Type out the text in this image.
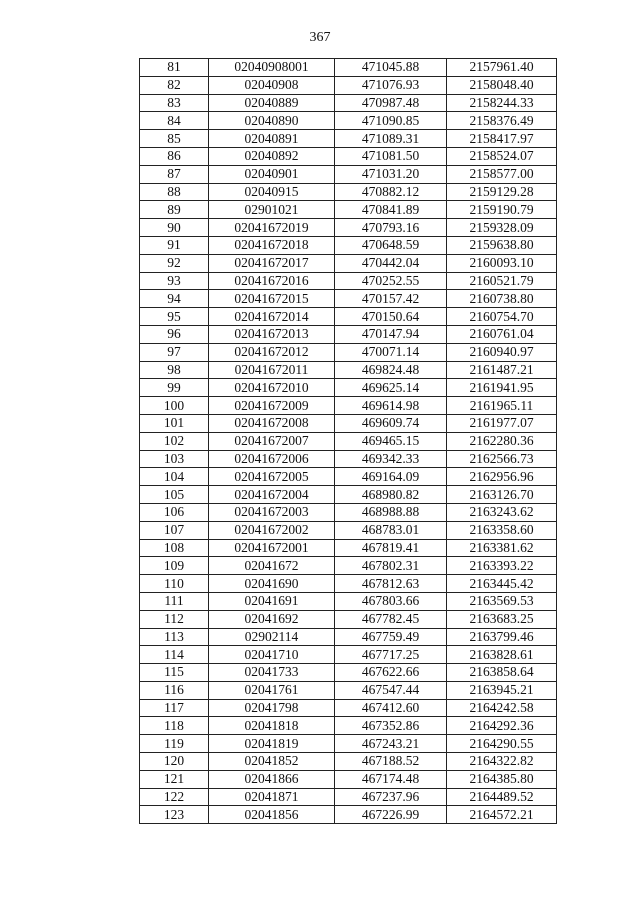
367
81	02040908001	471045.88	2157961.40
82	02040908	471076.93	2158048.40
83	02040889	470987.48	2158244.33
84	02040890	471090.85	2158376.49
85	02040891	471089.31	2158417.97
86	02040892	471081.50	2158524.07
87	02040901	471031.20	2158577.00
88	02040915	470882.12	2159129.28
89	02901021	470841.89	2159190.79
90	02041672019	470793.16	2159328.09
91	02041672018	470648.59	2159638.80
92	02041672017	470442.04	2160093.10
93	02041672016	470252.55	2160521.79
94	02041672015	470157.42	2160738.80
95	02041672014	470150.64	2160754.70
96	02041672013	470147.94	2160761.04
97	02041672012	470071.14	2160940.97
98	02041672011	469824.48	2161487.21
99	02041672010	469625.14	2161941.95
100	02041672009	469614.98	2161965.11
101	02041672008	469609.74	2161977.07
102	02041672007	469465.15	2162280.36
103	02041672006	469342.33	2162566.73
104	02041672005	469164.09	2162956.96
105	02041672004	468980.82	2163126.70
106	02041672003	468988.88	2163243.62
107	02041672002	468783.01	2163358.60
108	02041672001	467819.41	2163381.62
109	02041672	467802.31	2163393.22
110	02041690	467812.63	2163445.42
111	02041691	467803.66	2163569.53
112	02041692	467782.45	2163683.25
113	02902114	467759.49	2163799.46
114	02041710	467717.25	2163828.61
115	02041733	467622.66	2163858.64
116	02041761	467547.44	2163945.21
117	02041798	467412.60	2164242.58
118	02041818	467352.86	2164292.36
119	02041819	467243.21	2164290.55
120	02041852	467188.52	2164322.82
121	02041866	467174.48	2164385.80
122	02041871	467237.96	2164489.52
123	02041856	467226.99	2164572.21
